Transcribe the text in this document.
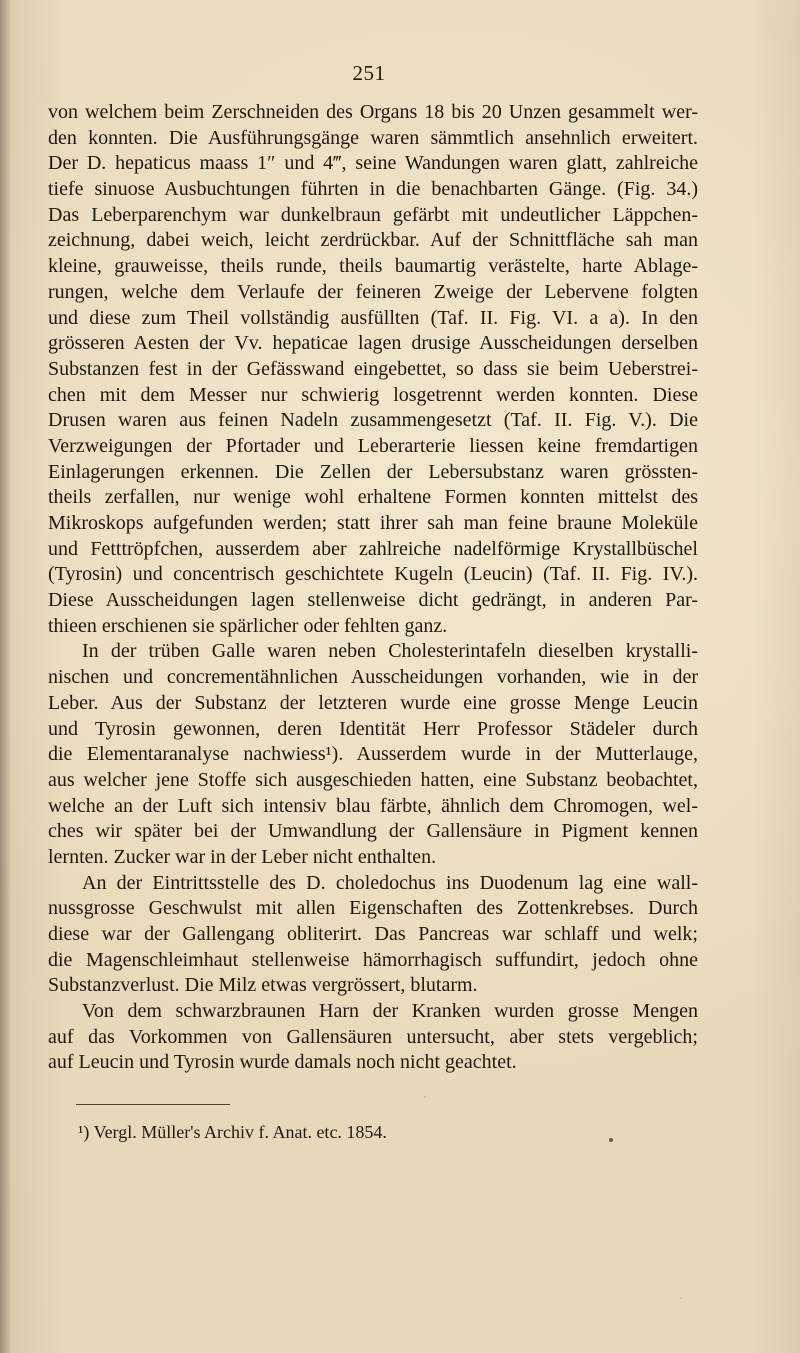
251
von welchem beim Zerschneiden des Organs 18 bis 20 Unzen gesammelt wer-
den konnten. Die Ausführungsgänge waren sämmtlich ansehnlich erweitert.
Der D. hepaticus maass 1″ und 4‴, seine Wandungen waren glatt, zahlreiche
tiefe sinuose Ausbuchtungen führten in die benachbarten Gänge. (Fig. 34.)
Das Leberparenchym war dunkelbraun gefärbt mit undeutlicher Läppchen-
zeichnung, dabei weich, leicht zerdrückbar. Auf der Schnittfläche sah man
kleine, grauweisse, theils runde, theils baumartig verästelte, harte Ablage-
rungen, welche dem Verlaufe der feineren Zweige der Lebervene folgten
und diese zum Theil vollständig ausfüllten (Taf. II. Fig. VI. a a). In den
grösseren Aesten der Vv. hepaticae lagen drusige Ausscheidungen derselben
Substanzen fest in der Gefässwand eingebettet, so dass sie beim Ueberstrei-
chen mit dem Messer nur schwierig losgetrennt werden konnten. Diese
Drusen waren aus feinen Nadeln zusammengesetzt (Taf. II. Fig. V.). Die
Verzweigungen der Pfortader und Leberarterie liessen keine fremdartigen
Einlagerungen erkennen. Die Zellen der Lebersubstanz waren grössten-
theils zerfallen, nur wenige wohl erhaltene Formen konnten mittelst des
Mikroskops aufgefunden werden; statt ihrer sah man feine braune Moleküle
und Fetttröpfchen, ausserdem aber zahlreiche nadelförmige Krystallbüschel
(Tyrosin) und concentrisch geschichtete Kugeln (Leucin) (Taf. II. Fig. IV.).
Diese Ausscheidungen lagen stellenweise dicht gedrängt, in anderen Par-
thieen erschienen sie spärlicher oder fehlten ganz.
In der trüben Galle waren neben Cholesterintafeln dieselben krystalli-
nischen und concrementähnlichen Ausscheidungen vorhanden, wie in der
Leber. Aus der Substanz der letzteren wurde eine grosse Menge Leucin
und Tyrosin gewonnen, deren Identität Herr Professor Städeler durch
die Elementaranalyse nachwiess¹). Ausserdem wurde in der Mutterlauge,
aus welcher jene Stoffe sich ausgeschieden hatten, eine Substanz beobachtet,
welche an der Luft sich intensiv blau färbte, ähnlich dem Chromogen, wel-
ches wir später bei der Umwandlung der Gallensäure in Pigment kennen
lernten. Zucker war in der Leber nicht enthalten.
An der Eintrittsstelle des D. choledochus ins Duodenum lag eine wall-
nussgrosse Geschwulst mit allen Eigenschaften des Zottenkrebses. Durch
diese war der Gallengang obliterirt. Das Pancreas war schlaff und welk;
die Magenschleimhaut stellenweise hämorrhagisch suffundirt, jedoch ohne
Substanzverlust. Die Milz etwas vergrössert, blutarm.
Von dem schwarzbraunen Harn der Kranken wurden grosse Mengen
auf das Vorkommen von Gallensäuren untersucht, aber stets vergeblich;
auf Leucin und Tyrosin wurde damals noch nicht geachtet.
¹) Vergl. Müller's Archiv f. Anat. etc. 1854.
